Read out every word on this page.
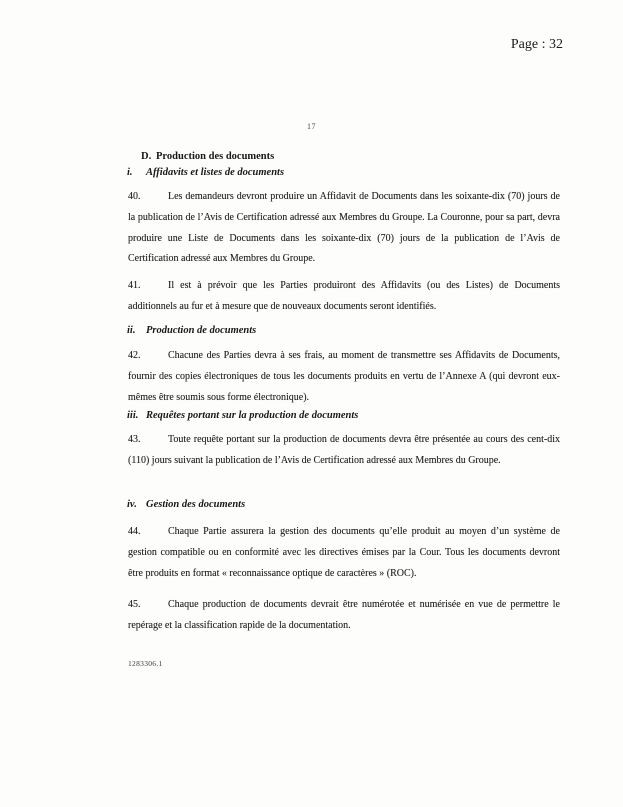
Page : 32
17
D. Production des documents
i. Affidavits et listes de documents

40.	Les demandeurs devront produire un Affidavit de Documents dans les soixante-dix (70) jours de la publication de l’Avis de Certification adressé aux Membres du Groupe. La Couronne, pour sa part, devra produire une Liste de Documents dans les soixante-dix (70) jours de la publication de l’Avis de Certification adressé aux Membres du Groupe.

41.	Il est à prévoir que les Parties produiront des Affidavits (ou des Listes) de Documents additionnels au fur et à mesure que de nouveaux documents seront identifiés.

ii. Production de documents

42.	Chacune des Parties devra à ses frais, au moment de transmettre ses Affidavits de Documents, fournir des copies électroniques de tous les documents produits en vertu de l’Annexe A (qui devront eux-mêmes être soumis sous forme électronique).

iii. Requêtes portant sur la production de documents

43.	Toute requête portant sur la production de documents devra être présentée au cours des cent-dix (110) jours suivant la publication de l’Avis de Certification adressé aux Membres du Groupe.

iv. Gestion des documents

44.	Chaque Partie assurera la gestion des documents qu’elle produit au moyen d’un système de gestion compatible ou en conformité avec les directives émises par la Cour. Tous les documents devront être produits en format « reconnaissance optique de caractères » (ROC).

45.	Chaque production de documents devrait être numérotée et numérisée en vue de permettre le repérage et la classification rapide de la documentation.

1283306.1
